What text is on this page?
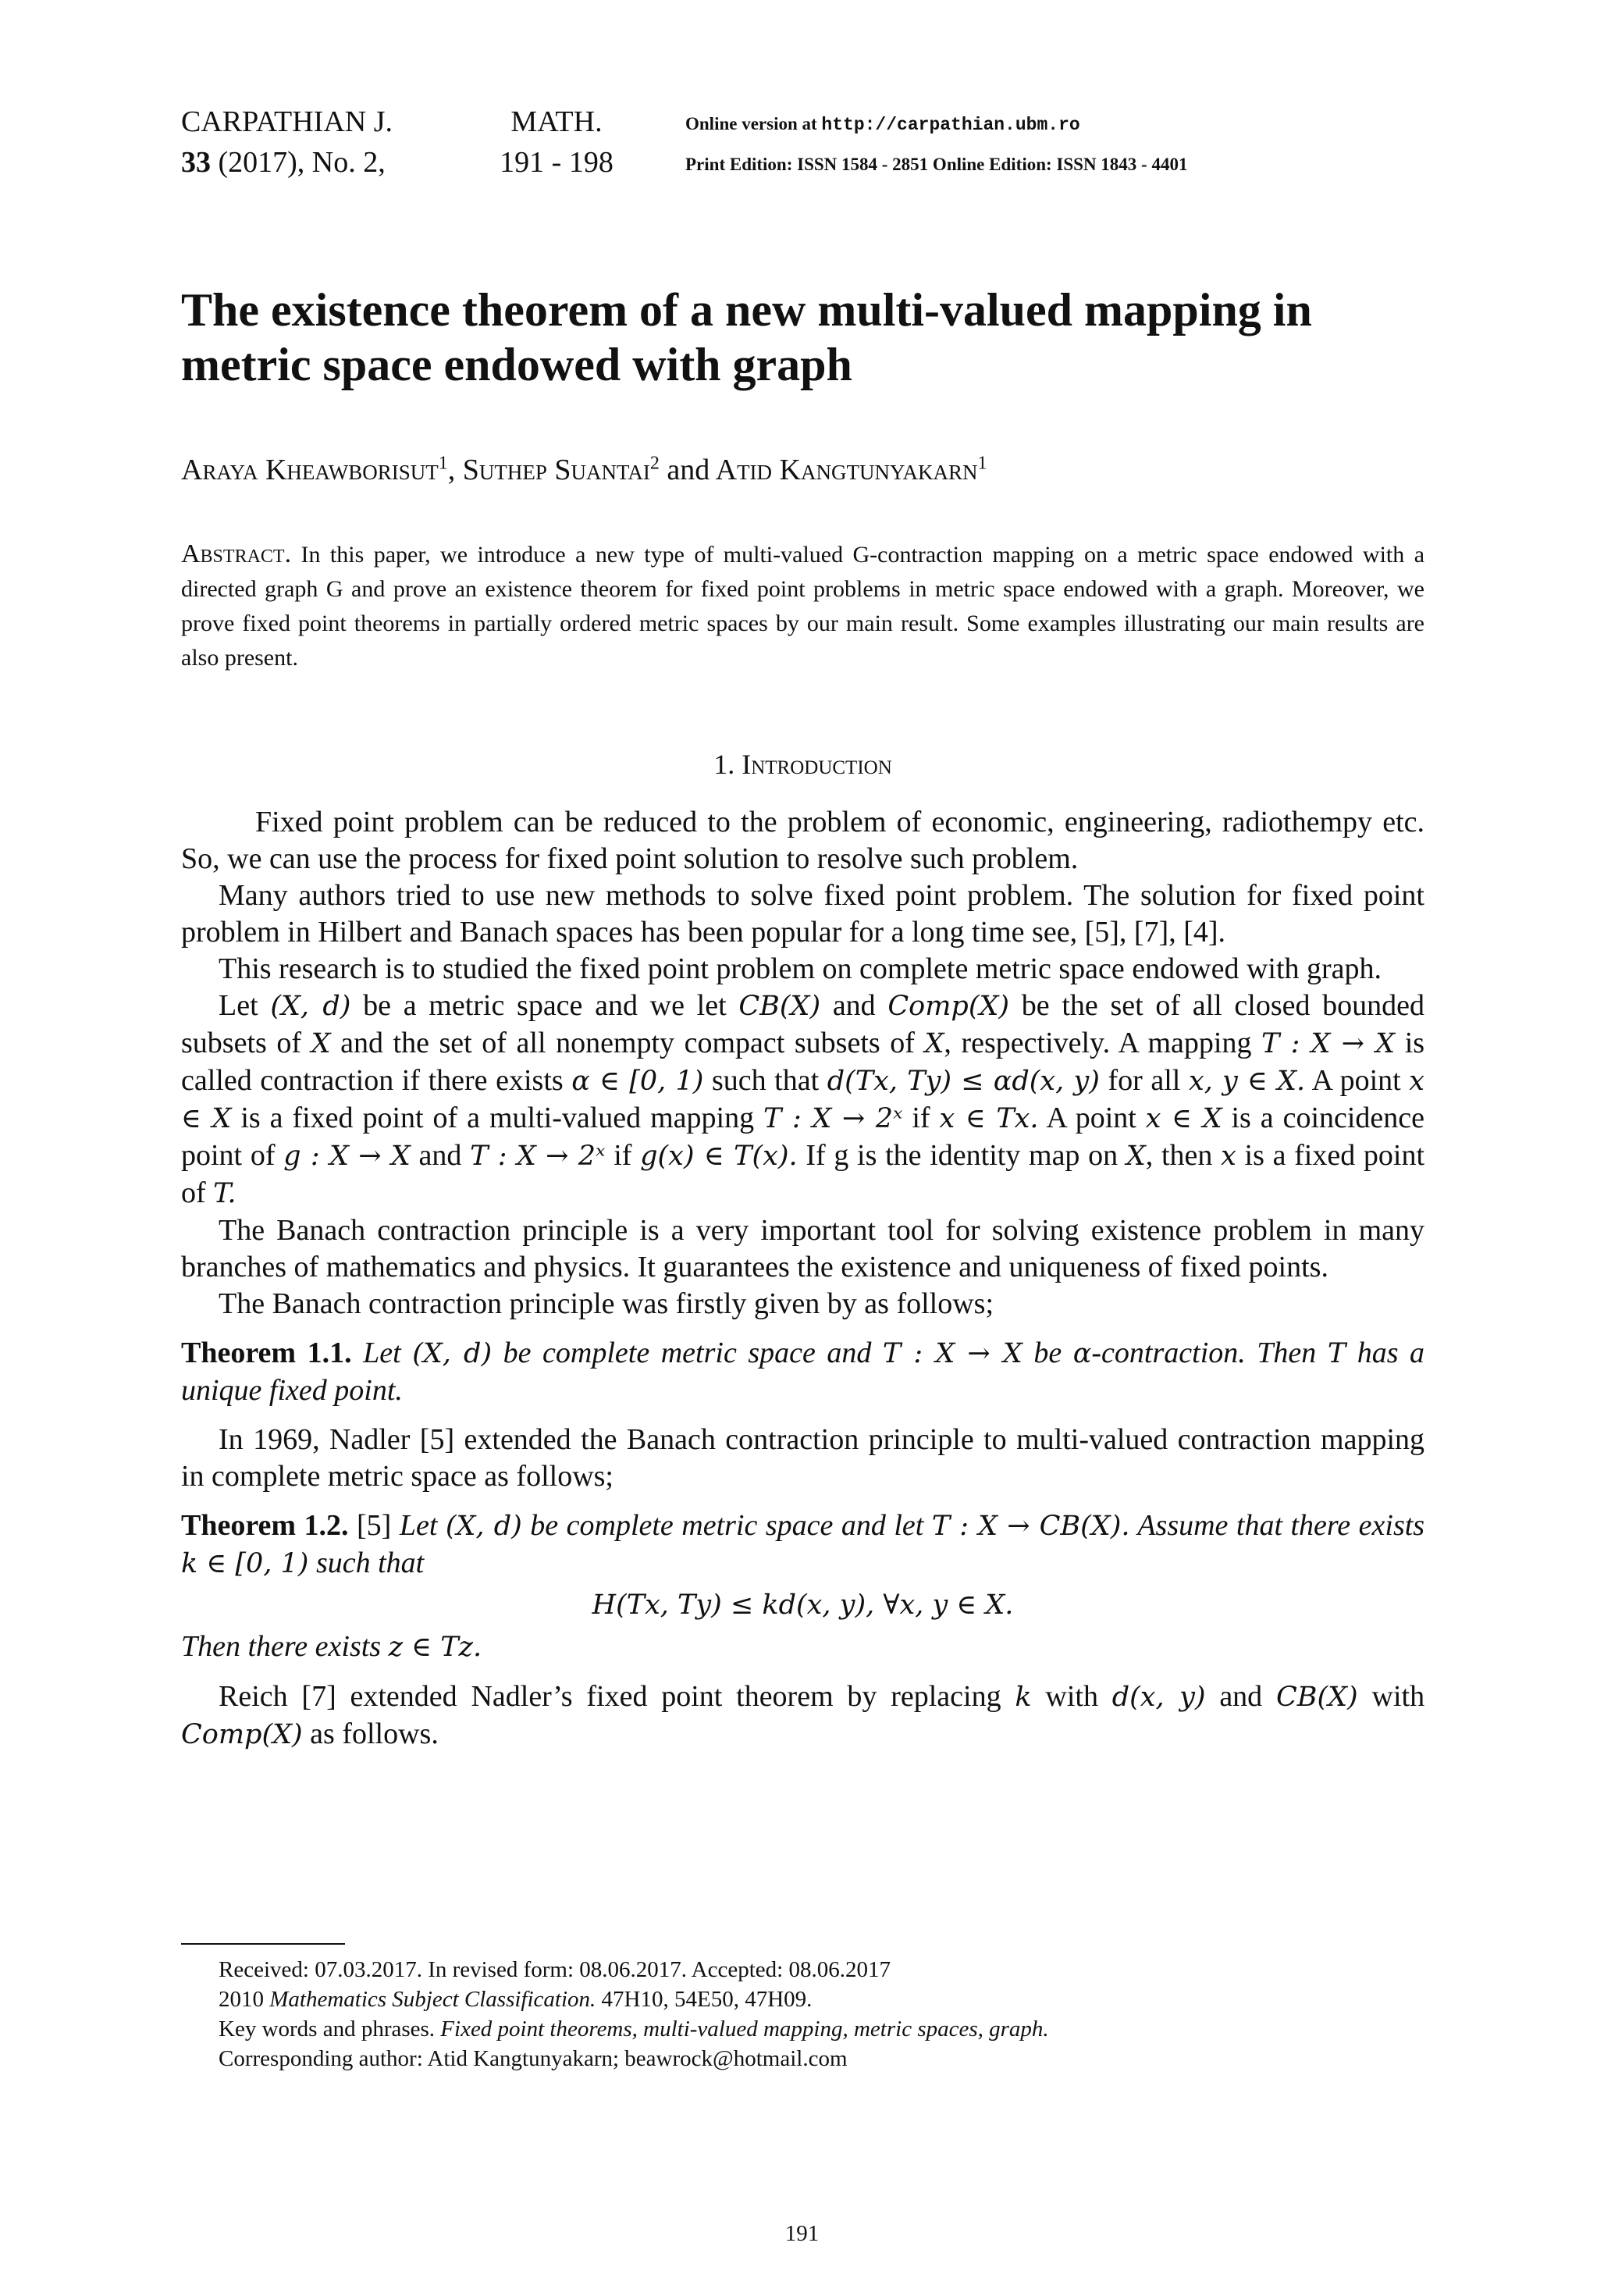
CARPATHIAN J.
33 (2017), No. 2,
MATH.
191 - 198
Online version at http://carpathian.ubm.ro
Print Edition: ISSN 1584 - 2851 Online Edition: ISSN 1843 - 4401
The existence theorem of a new multi-valued mapping in metric space endowed with graph
Araya Kheawborisut$^1$, Suthep Suantai$^2$ and Atid Kangtunyakarn$^1$
Abstract. In this paper, we introduce a new type of multi-valued G-contraction mapping on a metric space endowed with a directed graph G and prove an existence theorem for fixed point problems in metric space endowed with a graph. Moreover, we prove fixed point theorems in partially ordered metric spaces by our main result. Some examples illustrating our main results are also present.
1. Introduction

Fixed point problem can be reduced to the problem of economic, engineering, radiothempy etc. So, we can use the process for fixed point solution to resolve such problem.

Many authors tried to use new methods to solve fixed point problem. The solution for fixed point problem in Hilbert and Banach spaces has been popular for a long time see, [5], [7], [4].

This research is to studied the fixed point problem on complete metric space endowed with graph.

Let (X, d) be a metric space and we let CB(X) and Comp(X) be the set of all closed bounded subsets of X and the set of all nonempty compact subsets of X, respectively. A mapping T : X → X is called contraction if there exists α ∈ [0, 1) such that d(Tx, Ty) ≤ αd(x, y) for all x, y ∈ X. A point x ∈ X is a fixed point of a multi-valued mapping T : X → 2ˣ if x ∈ Tx. A point x ∈ X is a coincidence point of g : X → X and T : X → 2ˣ if g(x) ∈ T(x). If g is the identity map on X, then x is a fixed point of T.

The Banach contraction principle is a very important tool for solving existence problem in many branches of mathematics and physics. It guarantees the existence and uniqueness of fixed points.

The Banach contraction principle was firstly given by as follows;

Theorem 1.1. Let (X, d) be complete metric space and T : X → X be α-contraction. Then T has a unique fixed point.

In 1969, Nadler [5] extended the Banach contraction principle to multi-valued contraction mapping in complete metric space as follows;

Theorem 1.2. [5] Let (X, d) be complete metric space and let T : X → CB(X). Assume that there exists k ∈ [0, 1) such that

H(Tx, Ty) ≤ kd(x, y), ∀x, y ∈ X.

Then there exists z ∈ Tz.

Reich [7] extended Nadler’s fixed point theorem by replacing k with d(x, y) and CB(X) with Comp(X) as follows.

Received: 07.03.2017. In revised form: 08.06.2017. Accepted: 08.06.2017
2010 Mathematics Subject Classification. 47H10, 54E50, 47H09.
Key words and phrases. Fixed point theorems, multi-valued mapping, metric spaces, graph.
Corresponding author: Atid Kangtunyakarn; beawrock@hotmail.com
191
